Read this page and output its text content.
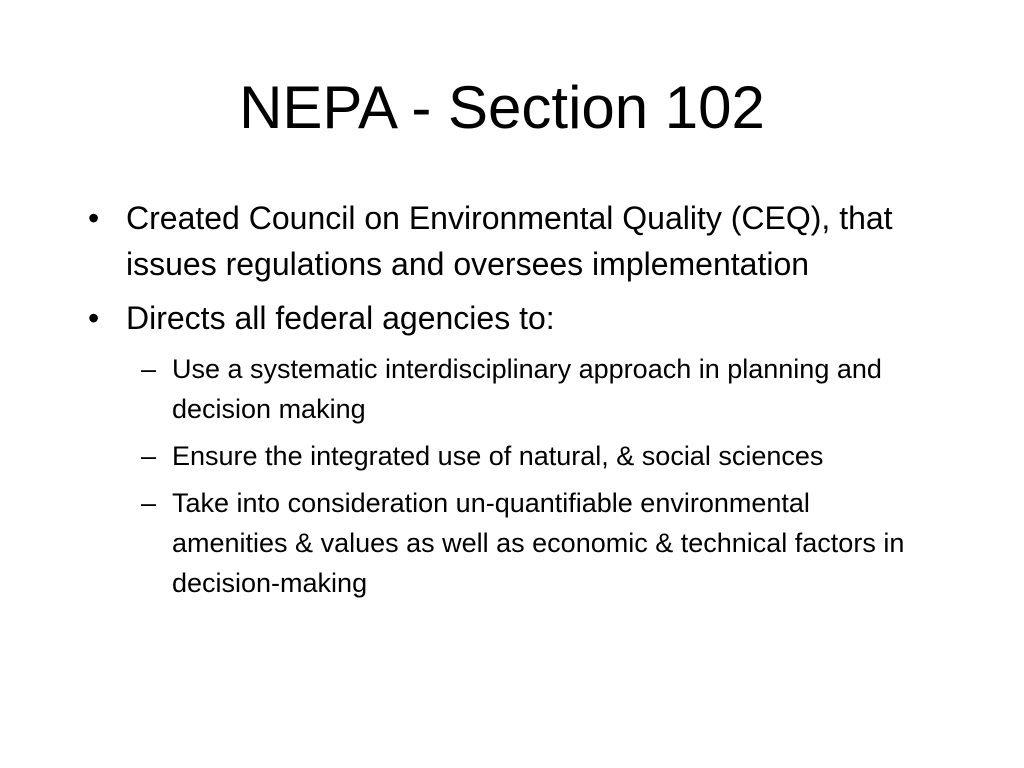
NEPA - Section 102
• Created Council on Environmental Quality (CEQ), that issues regulations and oversees implementation
• Directs all federal agencies to:
– Use a systematic interdisciplinary approach in planning and decision making
– Ensure the integrated use of natural, & social sciences
– Take into consideration un-quantifiable environmental amenities & values as well as economic & technical factors in decision-making
